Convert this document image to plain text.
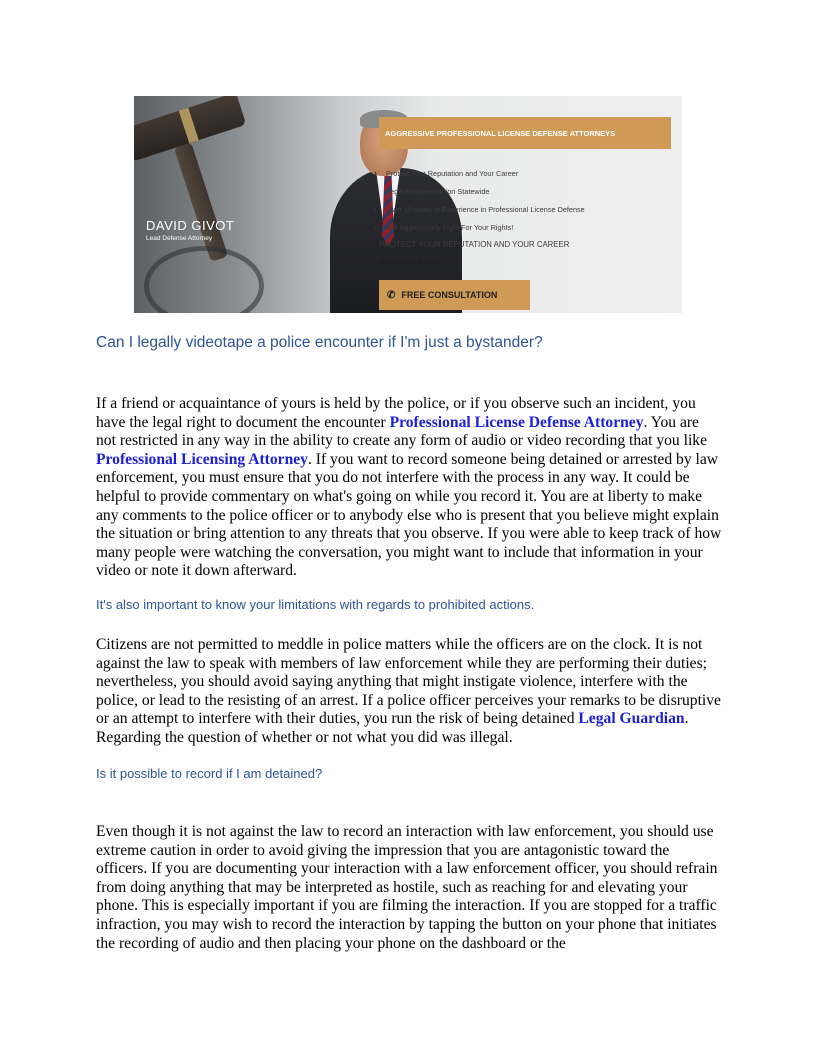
DAVID GIVOT
Lead Defense Attorney
AGGRESSIVE PROFESSIONAL LICENSE DEFENSE ATTORNEYS
›	Protect Your Reputation and Your Career
›	Legal Representation Statewide
›	Over 10 years of Experience in Professional License Defense
›	Will Aggressively Fight For Your Rights!
PROTECT YOUR REPUTATION AND YOUR CAREER
AVAILABLE 24/7
✆ FREE CONSULTATION
Can I legally videotape a police encounter if I'm just a bystander?

If a friend or acquaintance of yours is held by the police, or if you observe such an incident, you have the legal right to document the encounter Professional License Defense Attorney. You are not restricted in any way in the ability to create any form of audio or video recording that you like Professional Licensing Attorney. If you want to record someone being detained or arrested by law enforcement, you must ensure that you do not interfere with the process in any way. It could be helpful to provide commentary on what's going on while you record it. You are at liberty to make any comments to the police officer or to anybody else who is present that you believe might explain the situation or bring attention to any threats that you observe. If you were able to keep track of how many people were watching the conversation, you might want to include that information in your video or note it down afterward.

It's also important to know your limitations with regards to prohibited actions.

Citizens are not permitted to meddle in police matters while the officers are on the clock. It is not against the law to speak with members of law enforcement while they are performing their duties; nevertheless, you should avoid saying anything that might instigate violence, interfere with the police, or lead to the resisting of an arrest. If a police officer perceives your remarks to be disruptive or an attempt to interfere with their duties, you run the risk of being detained Legal Guardian. Regarding the question of whether or not what you did was illegal.

Is it possible to record if I am detained?

Even though it is not against the law to record an interaction with law enforcement, you should use extreme caution in order to avoid giving the impression that you are antagonistic toward the officers. If you are documenting your interaction with a law enforcement officer, you should refrain from doing anything that may be interpreted as hostile, such as reaching for and elevating your phone. This is especially important if you are filming the interaction. If you are stopped for a traffic infraction, you may wish to record the interaction by tapping the button on your phone that initiates the recording of audio and then placing your phone on the dashboard or the
